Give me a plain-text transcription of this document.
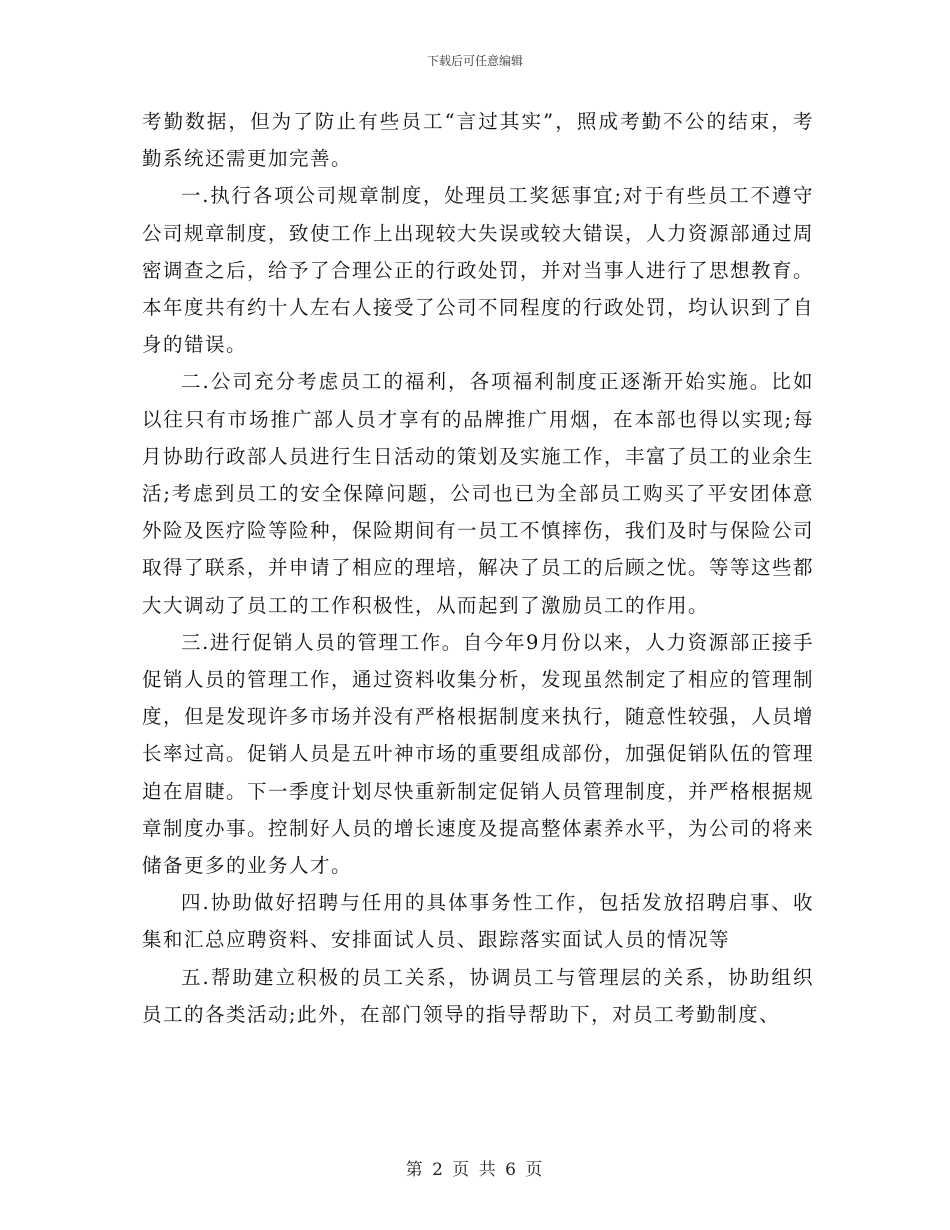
下载后可任意编辑

考勤数据，但为了防止有些员工“言过其实”，照成考勤不公的结束，考勤系统还需更加完善。

一.执行各项公司规章制度，处理员工奖惩事宜;对于有些员工不遵守公司规章制度，致使工作上出现较大失误或较大错误，人力资源部通过周密调查之后，给予了合理公正的行政处罚，并对当事人进行了思想教育。本年度共有约十人左右人接受了公司不同程度的行政处罚，均认识到了自身的错误。

二.公司充分考虑员工的福利，各项福利制度正逐渐开始实施。比如以往只有市场推广部人员才享有的品牌推广用烟，在本部也得以实现;每月协助行政部人员进行生日活动的策划及实施工作，丰富了员工的业余生活;考虑到员工的安全保障问题，公司也已为全部员工购买了平安团体意外险及医疗险等险种，保险期间有一员工不慎摔伤，我们及时与保险公司取得了联系，并申请了相应的理培，解决了员工的后顾之忧。等等这些都大大调动了员工的工作积极性，从而起到了激励员工的作用。

三.进行促销人员的管理工作。自今年9月份以来，人力资源部正接手促销人员的管理工作，通过资料收集分析，发现虽然制定了相应的管理制度，但是发现许多市场并没有严格根据制度来执行，随意性较强，人员增长率过高。促销人员是五叶神市场的重要组成部份，加强促销队伍的管理迫在眉睫。下一季度计划尽快重新制定促销人员管理制度，并严格根据规章制度办事。控制好人员的增长速度及提高整体素养水平，为公司的将来储备更多的业务人才。

四.协助做好招聘与任用的具体事务性工作，包括发放招聘启事、收集和汇总应聘资料、安排面试人员、跟踪落实面试人员的情况等

五.帮助建立积极的员工关系，协调员工与管理层的关系，协助组织员工的各类活动;此外，在部门领导的指导帮助下，对员工考勤制度、

第 2 页 共 6 页
